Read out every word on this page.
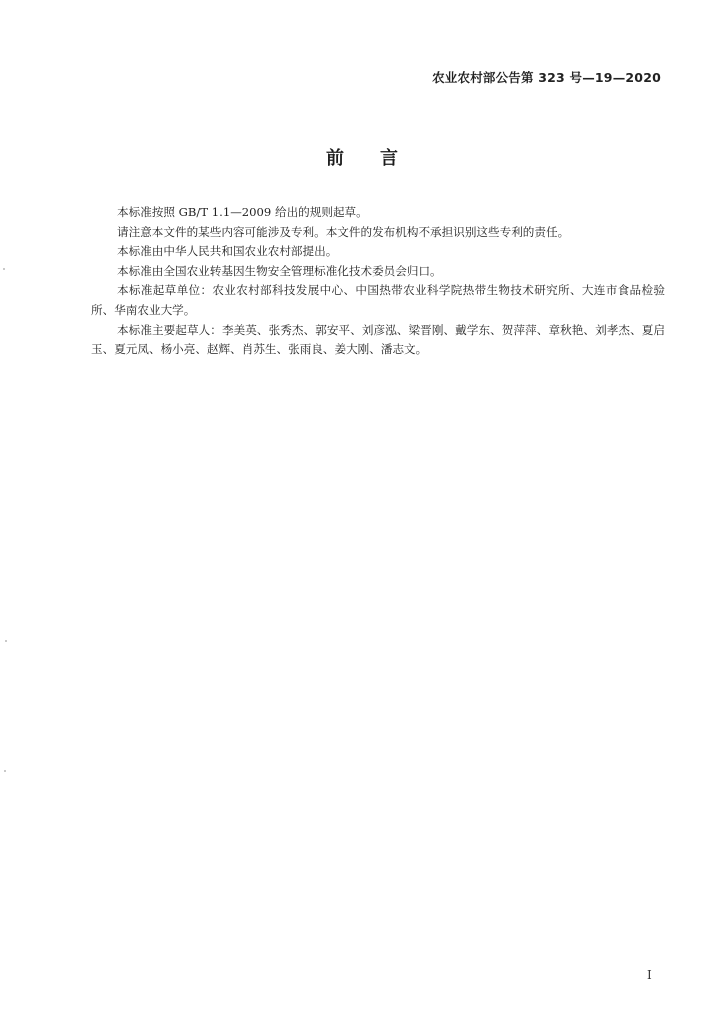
农业农村部公告第 323 号—19—2020
前言

本标准按照 GB/T 1.1—2009 给出的规则起草。

请注意本文件的某些内容可能涉及专利。本文件的发布机构不承担识别这些专利的责任。

本标准由中华人民共和国农业农村部提出。

本标准由全国农业转基因生物安全管理标准化技术委员会归口。

本标准起草单位：农业农村部科技发展中心、中国热带农业科学院热带生物技术研究所、大连市食品检验所、华南农业大学。

本标准主要起草人：李美英、张秀杰、郭安平、刘彦泓、梁晋刚、戴学东、贺萍萍、章秋艳、刘孝杰、夏启玉、夏元凤、杨小亮、赵辉、肖苏生、张雨良、姜大刚、潘志文。

I
